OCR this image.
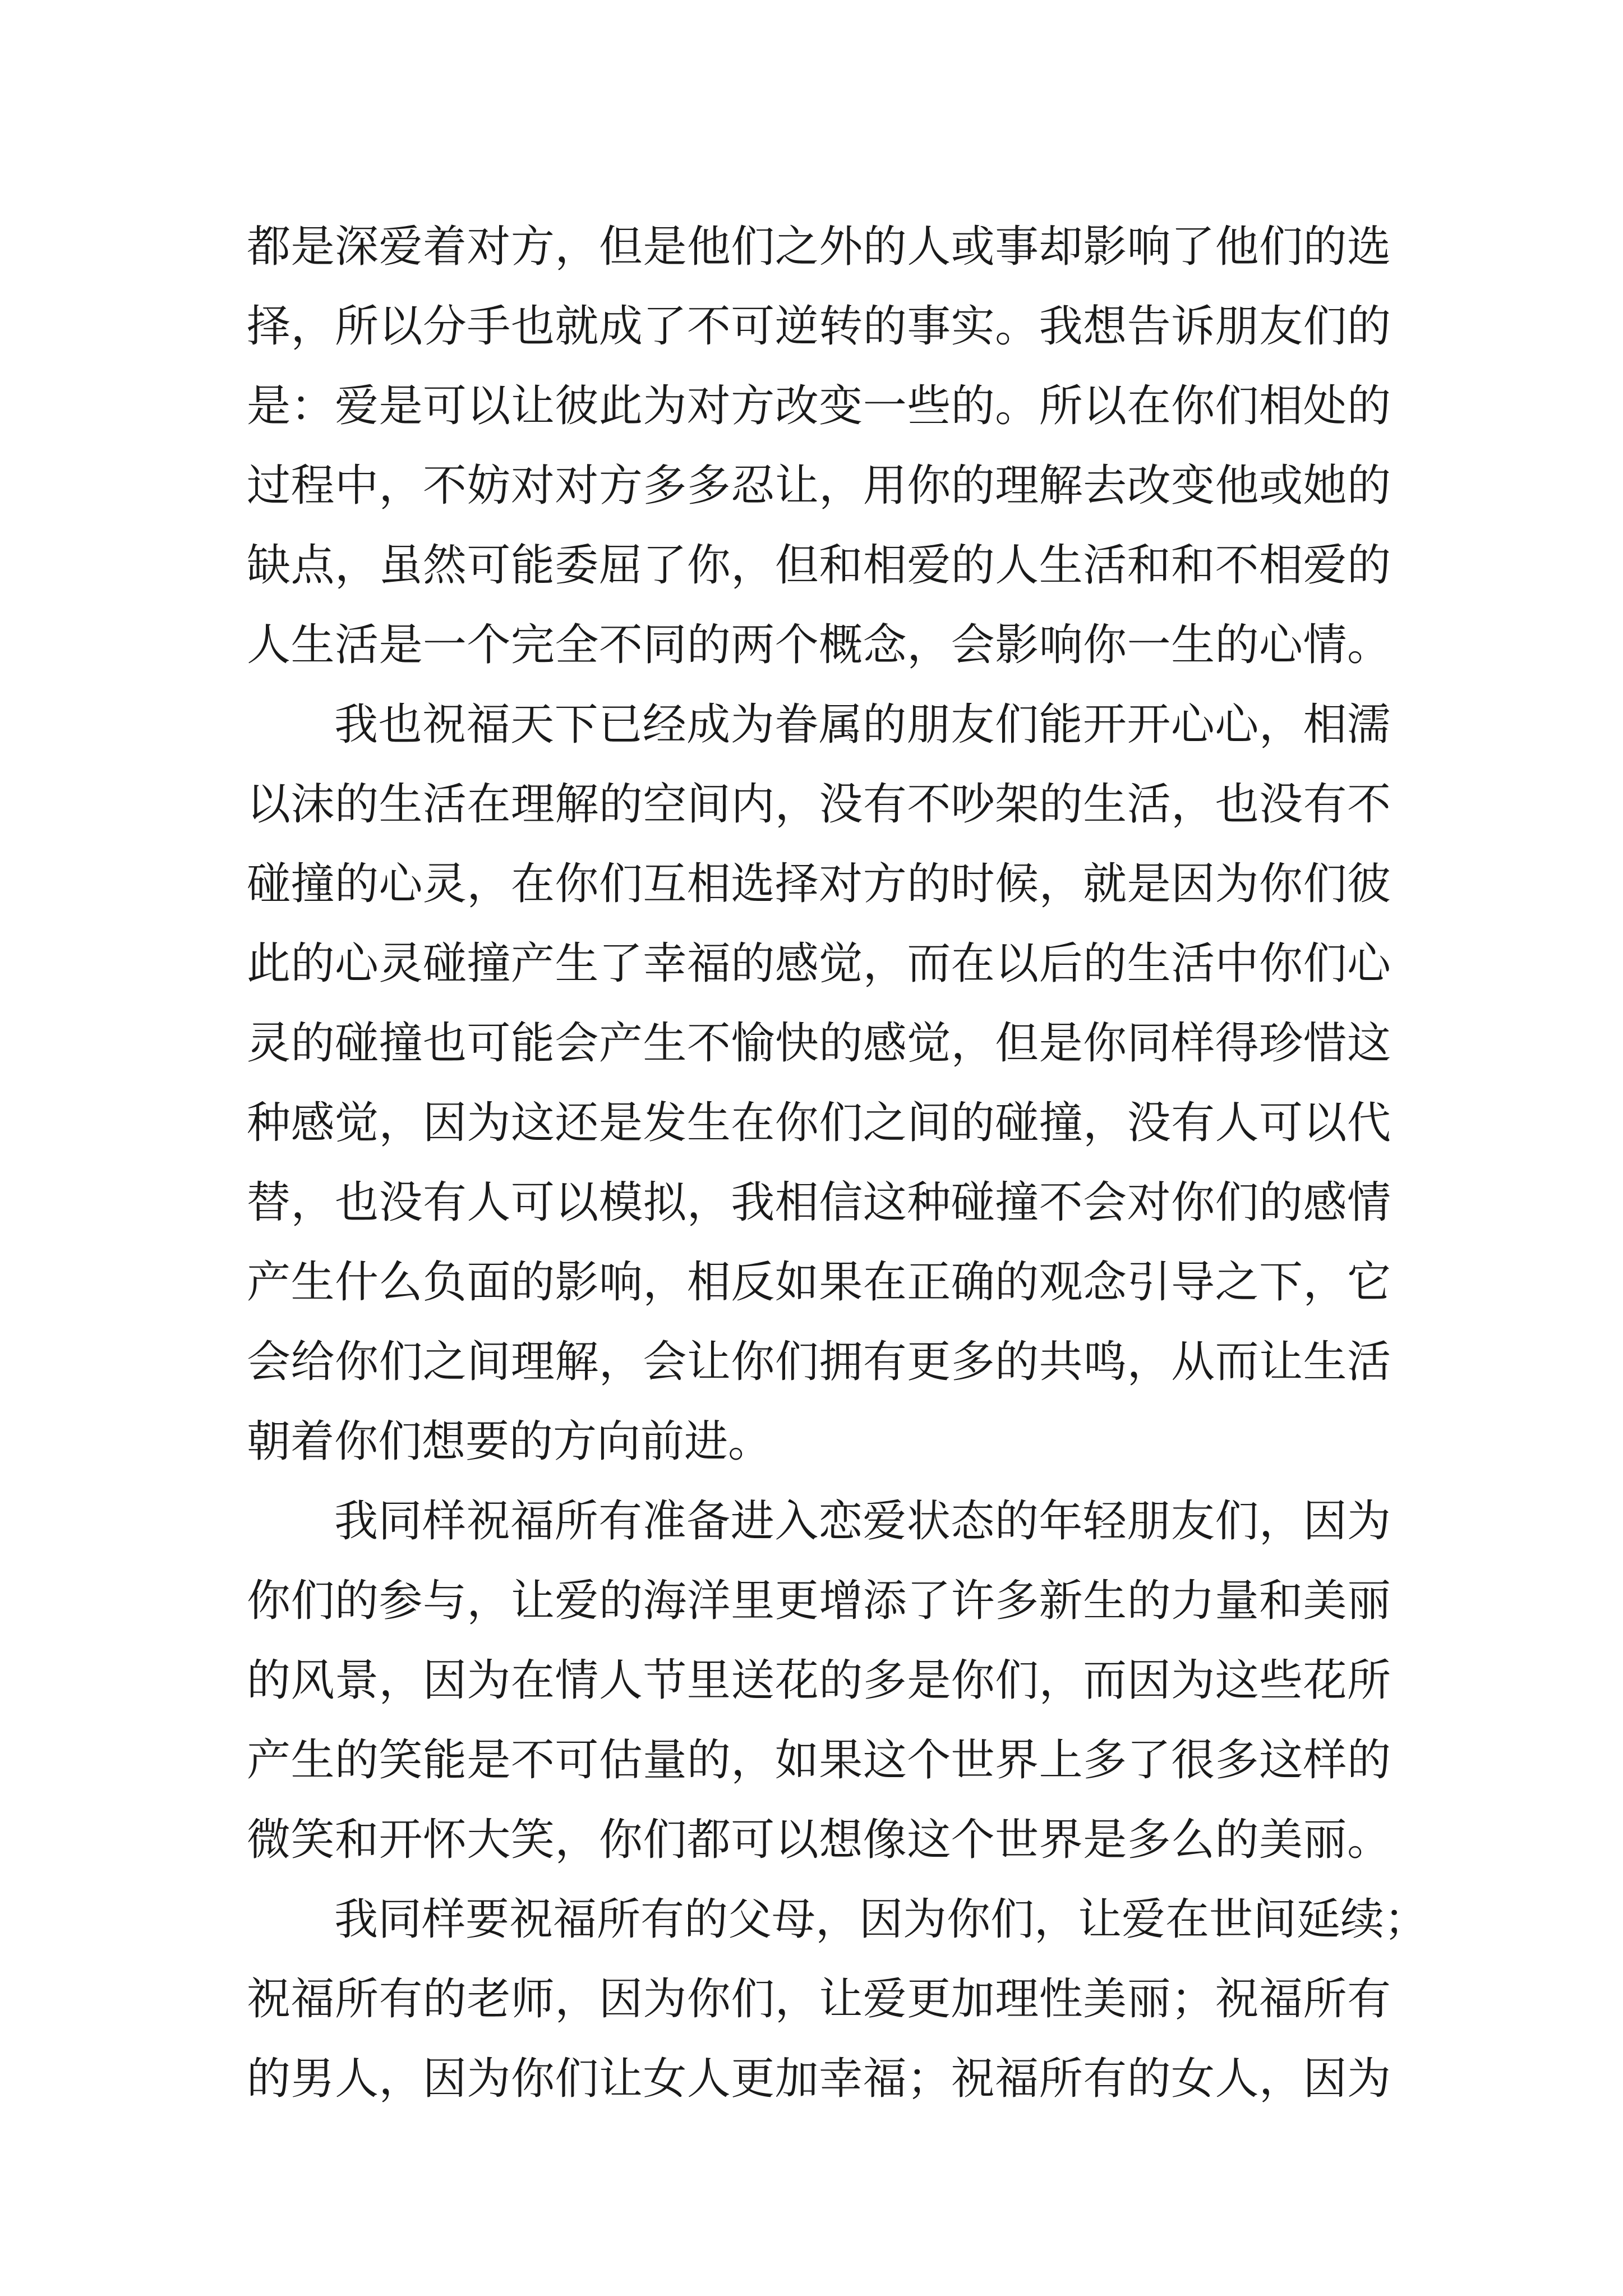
都是深爱着对方，但是他们之外的人或事却影响了他们的选
择，所以分手也就成了不可逆转的事实。我想告诉朋友们的
是：爱是可以让彼此为对方改变一些的。所以在你们相处的
过程中，不妨对对方多多忍让，用你的理解去改变他或她的
缺点，虽然可能委屈了你，但和相爱的人生活和和不相爱的
人生活是一个完全不同的两个概念，会影响你一生的心情。
我也祝福天下已经成为眷属的朋友们能开开心心，相濡
以沫的生活在理解的空间内，没有不吵架的生活，也没有不
碰撞的心灵，在你们互相选择对方的时候，就是因为你们彼
此的心灵碰撞产生了幸福的感觉，而在以后的生活中你们心
灵的碰撞也可能会产生不愉快的感觉，但是你同样得珍惜这
种感觉，因为这还是发生在你们之间的碰撞，没有人可以代
替，也没有人可以模拟，我相信这种碰撞不会对你们的感情
产生什么负面的影响，相反如果在正确的观念引导之下，它
会给你们之间理解，会让你们拥有更多的共鸣，从而让生活
朝着你们想要的方向前进。
我同样祝福所有准备进入恋爱状态的年轻朋友们，因为
你们的参与，让爱的海洋里更增添了许多新生的力量和美丽
的风景，因为在情人节里送花的多是你们，而因为这些花所
产生的笑能是不可估量的，如果这个世界上多了很多这样的
微笑和开怀大笑，你们都可以想像这个世界是多么的美丽。
我同样要祝福所有的父母，因为你们，让爱在世间延续；
祝福所有的老师，因为你们，让爱更加理性美丽；祝福所有
的男人，因为你们让女人更加幸福；祝福所有的女人，因为
